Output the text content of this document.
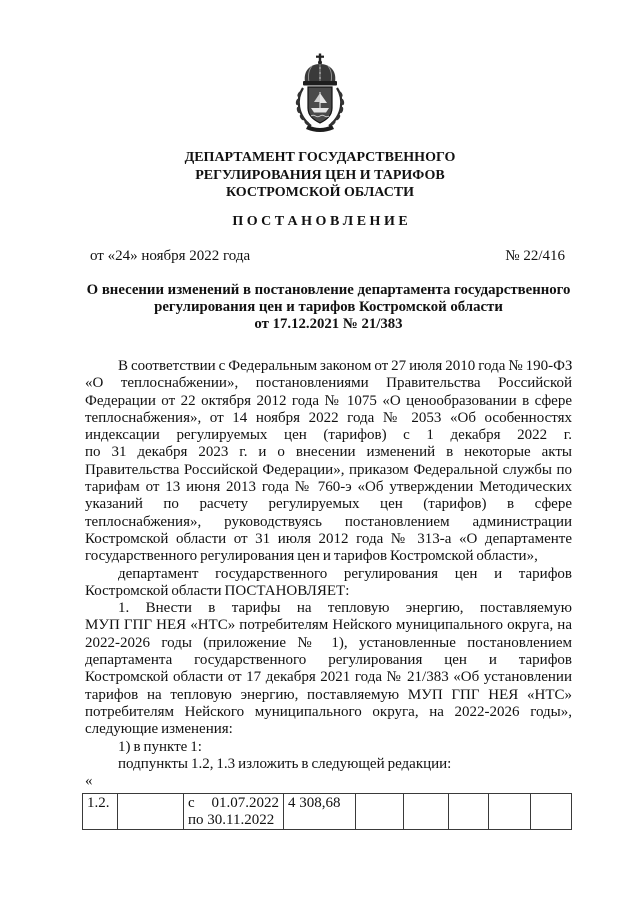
ДЕПАРТАМЕНТ ГОСУДАРСТВЕННОГО
РЕГУЛИРОВАНИЯ ЦЕН И ТАРИФОВ
КОСТРОМСКОЙ ОБЛАСТИ
П О С Т А Н О В Л Е Н И Е
от «24» ноября 2022 года	№ 22/416
О внесении изменений в постановление департамента государственного
регулирования цен и тарифов Костромской области
от 17.12.2021 № 21/383
В соответствии с Федеральным законом от 27 июля 2010 года № 190-ФЗ
«О теплоснабжении», постановлениями Правительства Российской
Федерации от 22 октября 2012 года № 1075 «О ценообразовании в сфере
теплоснабжения», от 14 ноября 2022 года № 2053 «Об особенностях
индексации регулируемых цен (тарифов) с 1 декабря 2022 г.
по 31 декабря 2023 г. и о внесении изменений в некоторые акты
Правительства Российской Федерации», приказом Федеральной службы по
тарифам от 13 июня 2013 года № 760-э «Об утверждении Методических
указаний по расчету регулируемых цен (тарифов) в сфере
теплоснабжения», руководствуясь постановлением администрации
Костромской области от 31 июля 2012 года № 313-а «О департаменте
государственного регулирования цен и тарифов Костромской области»,
департамент государственного регулирования цен и тарифов
Костромской области ПОСТАНОВЛЯЕТ:
1. Внести в тарифы на тепловую энергию, поставляемую
МУП ГПГ НЕЯ «НТС» потребителям Нейского муниципального округа, на
2022-2026 годы (приложение № 1), установленные постановлением
департамента государственного регулирования цен и тарифов
Костромской области от 17 декабря 2021 года № 21/383 «Об установлении
тарифов на тепловую энергию, поставляемую МУП ГПГ НЕЯ «НТС»
потребителям Нейского муниципального округа, на 2022-2026 годы»,
следующие изменения:
1) в пункте 1:
подпункты 1.2, 1.3 изложить в следующей редакции:
«
1.2.		с 01.07.2022 по 30.11.2022	4 308,68					
